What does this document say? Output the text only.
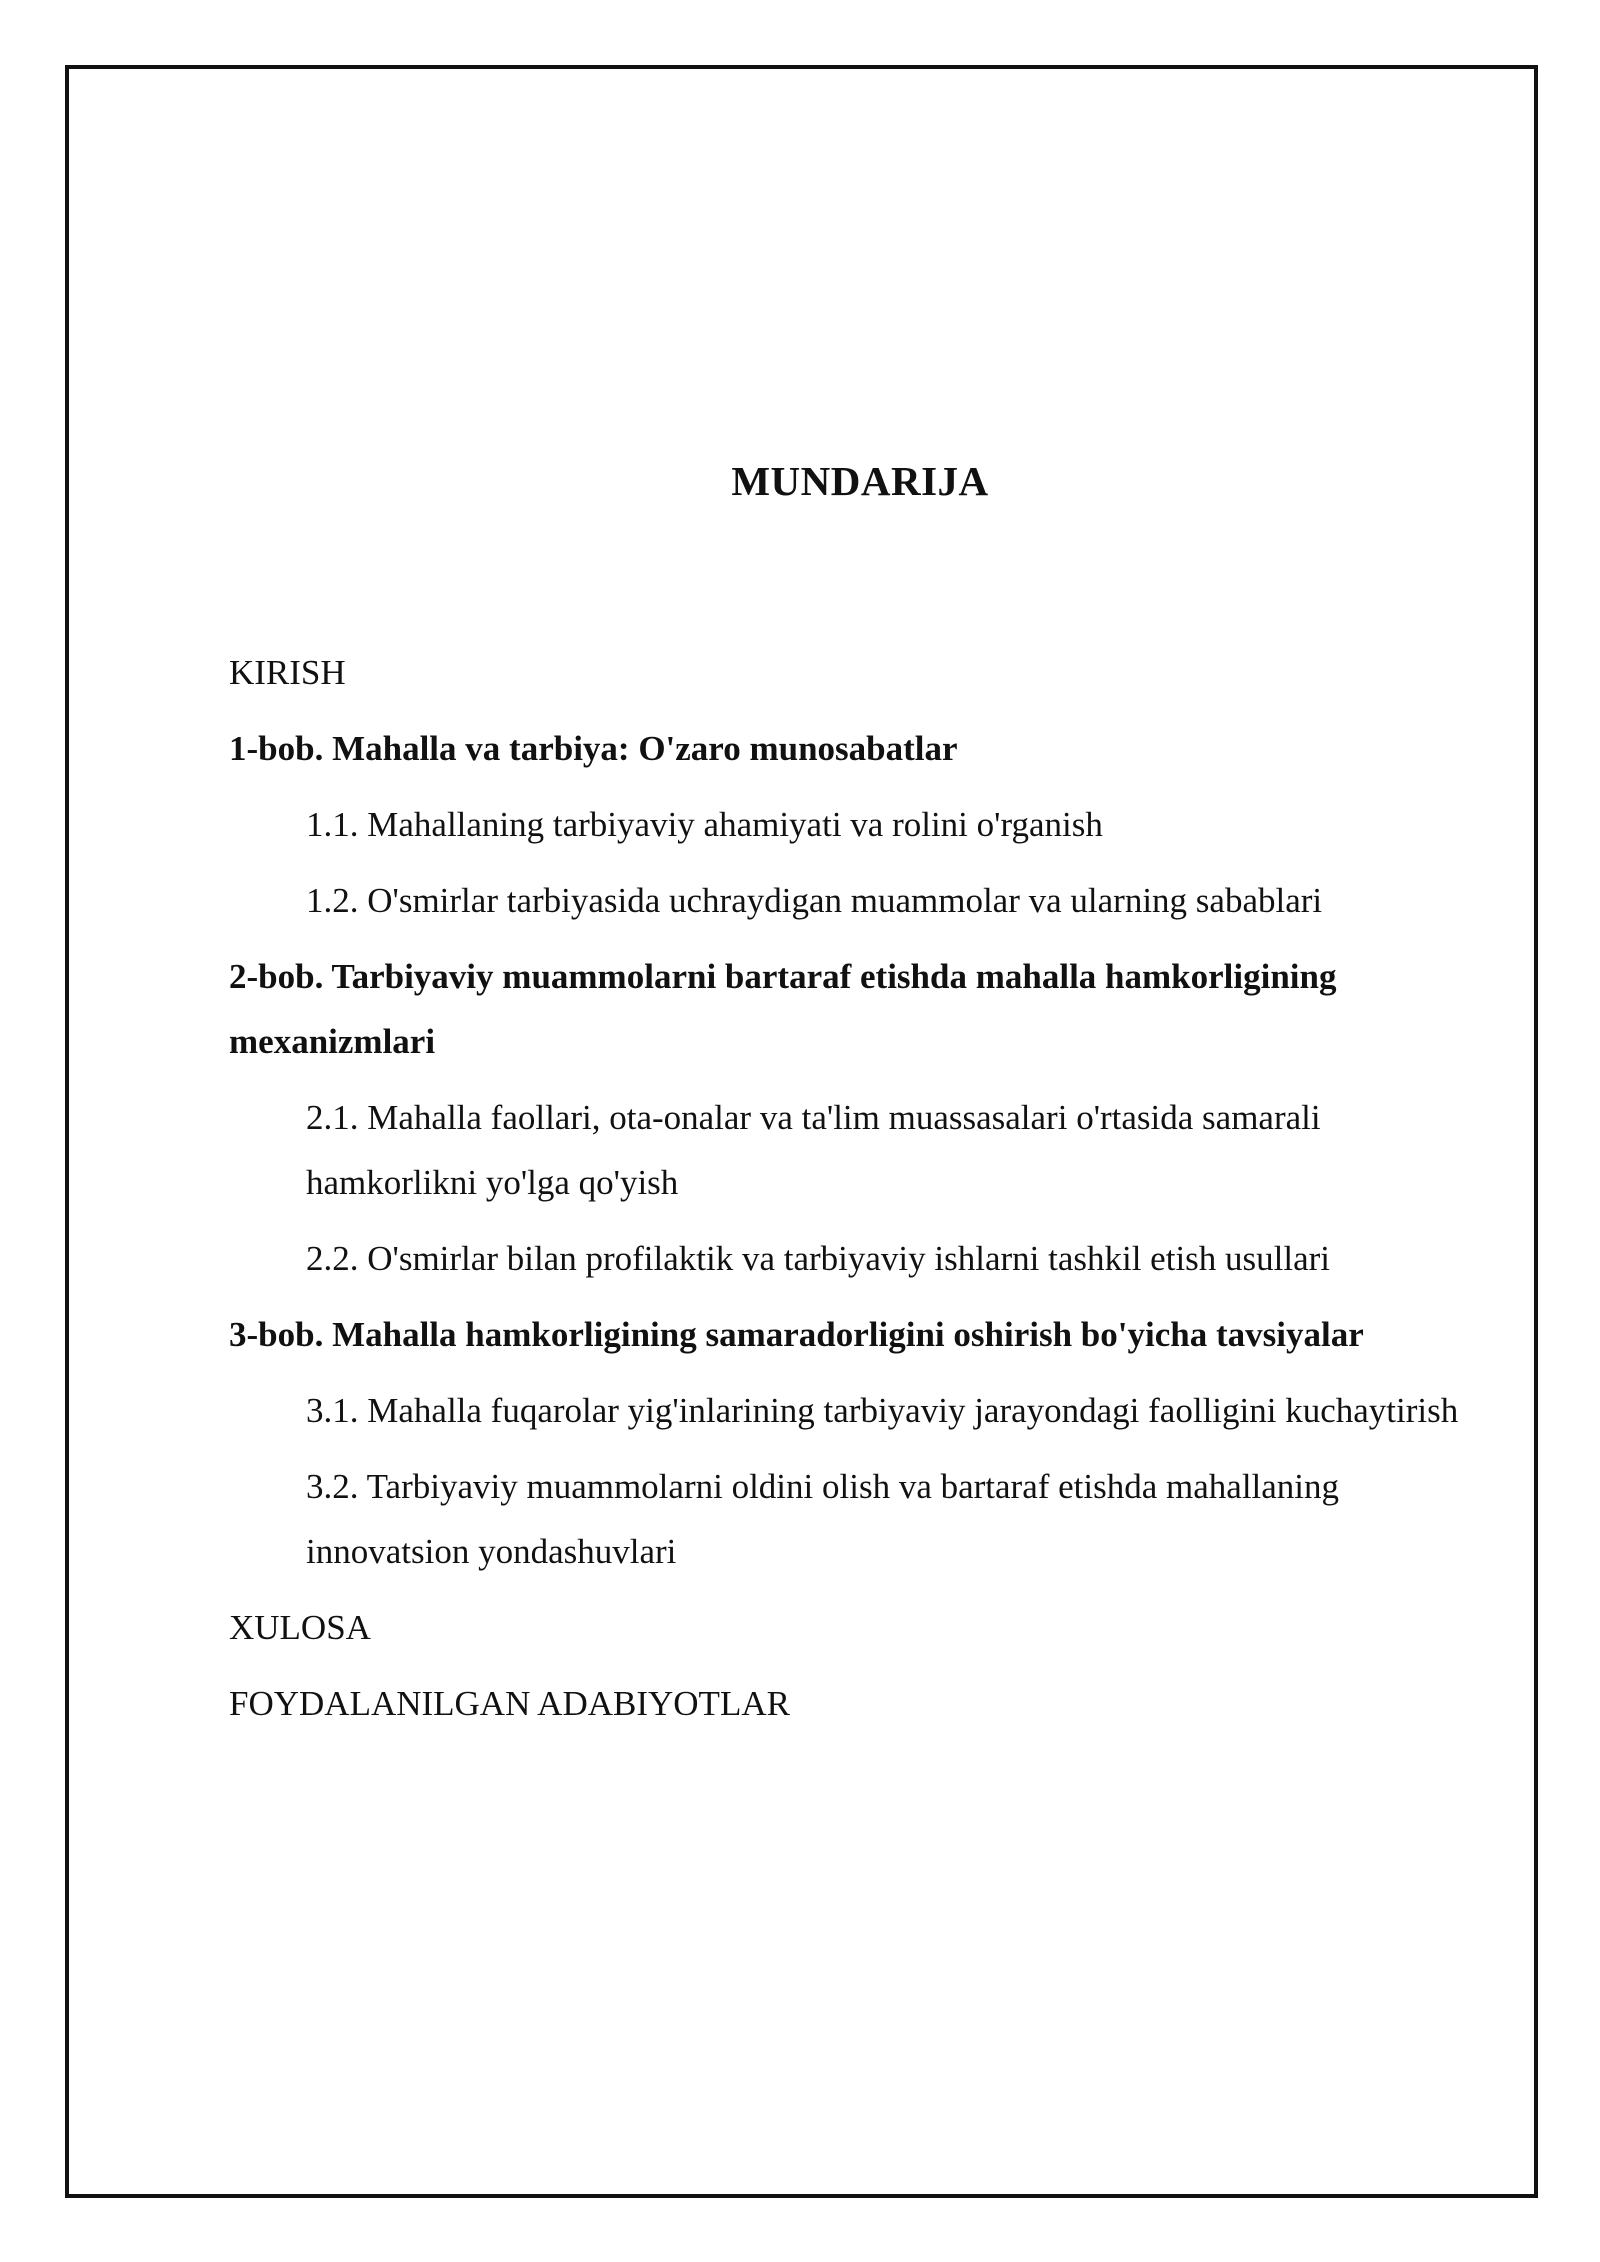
MUNDARIJA
KIRISH
1-bob. Mahalla va tarbiya: O'zaro munosabatlar
1.1. Mahallaning tarbiyaviy ahamiyati va rolini o'rganish
1.2. O'smirlar tarbiyasida uchraydigan muammolar va ularning sabablari
2-bob. Tarbiyaviy muammolarni bartaraf etishda mahalla hamkorligining mexanizmlari
2.1. Mahalla faollari, ota-onalar va ta'lim muassasalari o'rtasida samarali hamkorlikni yo'lga qo'yish
2.2. O'smirlar bilan profilaktik va tarbiyaviy ishlarni tashkil etish usullari
3-bob. Mahalla hamkorligining samaradorligini oshirish bo'yicha tavsiyalar
3.1. Mahalla fuqarolar yig'inlarining tarbiyaviy jarayondagi faolligini kuchaytirish
3.2. Tarbiyaviy muammolarni oldini olish va bartaraf etishda mahallaning innovatsion yondashuvlari
XULOSA
FOYDALANILGAN ADABIYOTLAR
